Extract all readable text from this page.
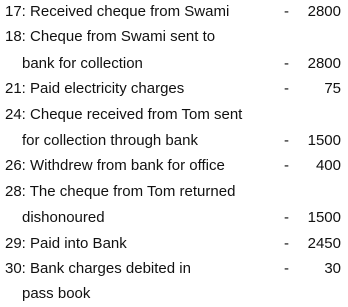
17: Received cheque from Swami	- 2800
18: Cheque from Swami sent to
bank for collection	- 2800
21: Paid electricity charges	- 75
24: Cheque received from Tom sent
for collection through bank	- 1500
26: Withdrew from bank for office	- 400
28: The cheque from Tom returned
dishonoured	- 1500
29: Paid into Bank	- 2450
30: Bank charges debited in	- 30
pass book
